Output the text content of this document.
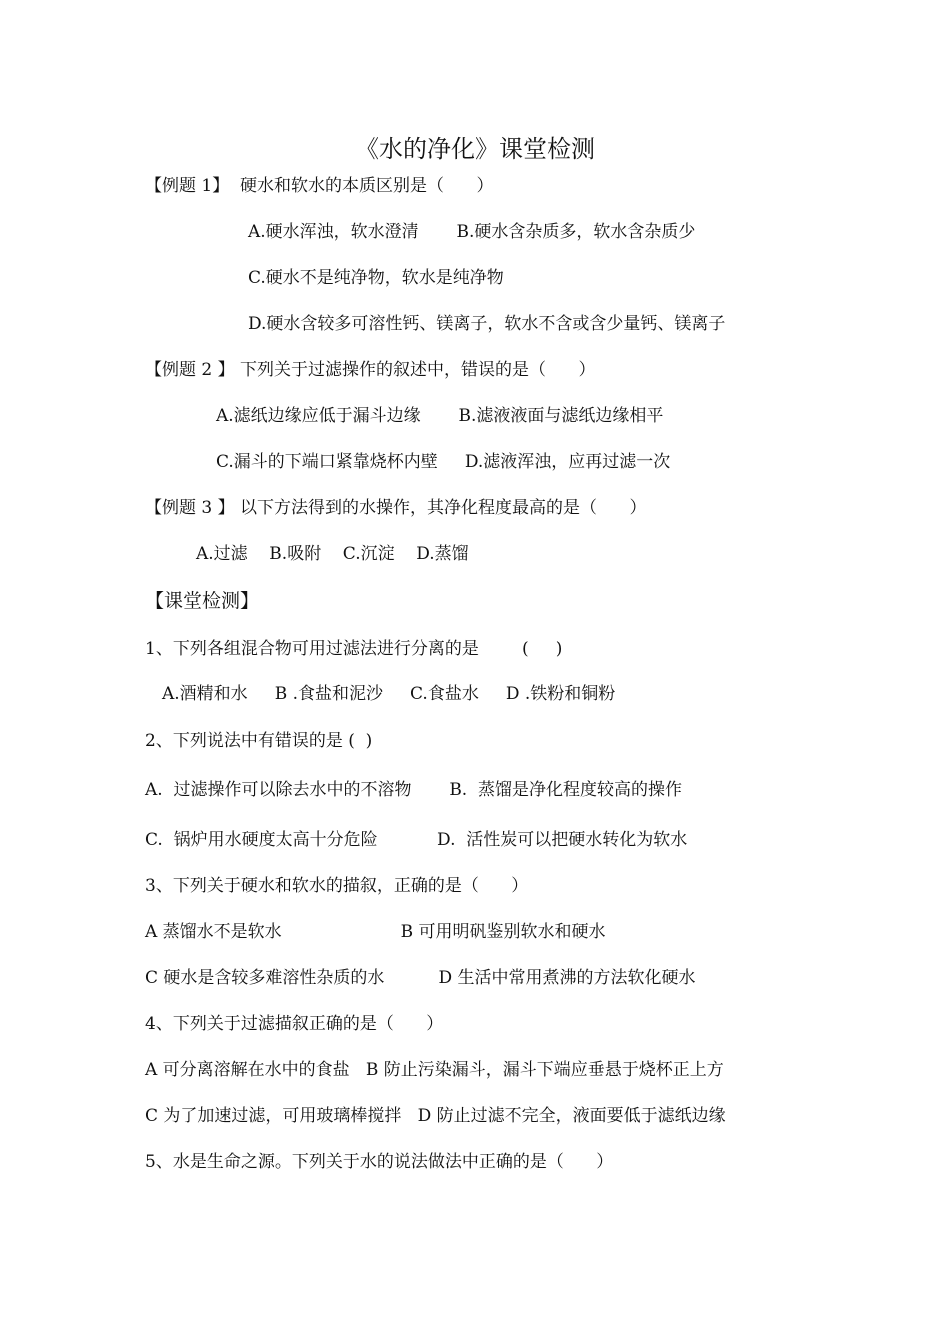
《水的净化》课堂检测
【例题 1】  硬水和软水的本质区别是（      ）
A.硬水浑浊，软水澄清       B.硬水含杂质多，软水含杂质少
C.硬水不是纯净物，软水是纯净物
D.硬水含较多可溶性钙、镁离子，软水不含或含少量钙、镁离子
【例题 2 】 下列关于过滤操作的叙述中，错误的是（      ）
A.滤纸边缘应低于漏斗边缘       B.滤液液面与滤纸边缘相平
C.漏斗的下端口紧靠烧杯内壁     D.滤液浑浊，应再过滤一次
【例题 3 】 以下方法得到的水操作，其净化程度最高的是（      ）
A.过滤    B.吸附    C.沉淀    D.蒸馏
【课堂检测】
1、下列各组混合物可用过滤法进行分离的是        (     )
A.酒精和水     B .食盐和泥沙     C.食盐水     D .铁粉和铜粉
2、下列说法中有错误的是 (  )
A.  过滤操作可以除去水中的不溶物       B.  蒸馏是净化程度较高的操作
C.  锅炉用水硬度太高十分危险           D.  活性炭可以把硬水转化为软水
3、下列关于硬水和软水的描叙，正确的是（      ）
A 蒸馏水不是软水                      B 可用明矾鉴别软水和硬水
C 硬水是含较多难溶性杂质的水          D 生活中常用煮沸的方法软化硬水
4、下列关于过滤描叙正确的是（      ）
A 可分离溶解在水中的食盐   B 防止污染漏斗，漏斗下端应垂悬于烧杯正上方
C 为了加速过滤，可用玻璃棒搅拌   D 防止过滤不完全，液面要低于滤纸边缘
5、水是生命之源。下列关于水的说法做法中正确的是（      ）
